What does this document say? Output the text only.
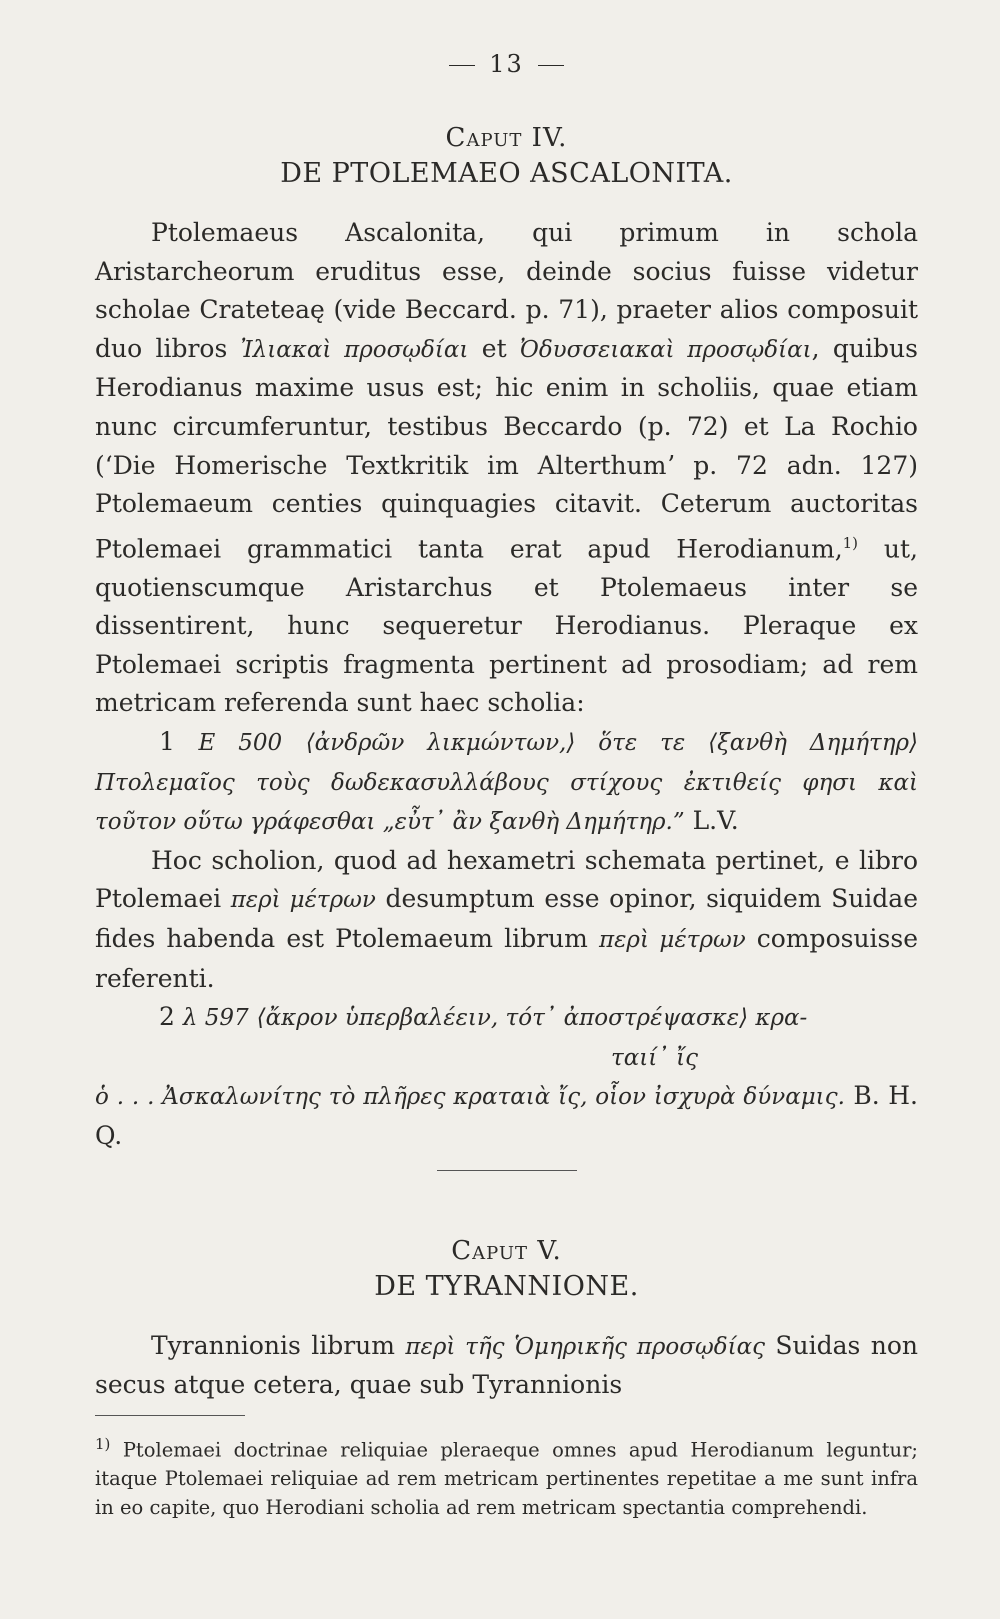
13

Caput IV.

DE PTOLEMAEO ASCALONITA.

Ptolemaeus Ascalonita, qui primum in schola Aristarcheorum eruditus esse, deinde socius fuisse videtur scholae Crateteaę (vide Beccard. p. 71), praeter alios composuit duo libros Ἰλιακαὶ προσῳδίαι et Ὀδυσσειακαὶ προσῳδίαι, quibus Herodianus maxime usus est; hic enim in scholiis, quae etiam nunc circumferuntur, testibus Beccardo (p. 72) et La Rochio (ʻDie Homerische Textkritik im Alterthumʼ p. 72 adn. 127) Ptolemaeum centies quinquagies citavit. Ceterum auctoritas Ptolemaei grammatici tanta erat apud Herodianum,$^{1)}$ ut, quotienscumque Aristarchus et Ptolemaeus inter se dissentirent, hunc sequeretur Herodianus. Pleraque ex Ptolemaei scriptis fragmenta pertinent ad prosodiam; ad rem metricam referenda sunt haec scholia:

1 E 500 ⟨ἀνδρῶν λικμώντων,⟩ ὅτε τε ⟨ξανθὴ Δημήτηρ⟩ Πτολεμαῖος τοὺς δωδεκασυλλάβους στίχους ἐκτιθείς φησι καὶ τοῦτον οὕτω γράφεσθαι „εὖτ᾿ ἂν ξανθὴ Δημήτηρ.” L.V.

Hoc scholion, quod ad hexametri schemata pertinet, e libro Ptolemaei περὶ μέτρων desumptum esse opinor, siquidem Suidae fides habenda est Ptolemaeum librum περὶ μέτρων composuisse referenti.

2 λ 597 ⟨ἄκρον ὑπερβαλέειν, τότ᾿ ἀποστρέψασκε⟩ κρα-

ταιί᾿ ἴς

ὁ . . . Ἀσκαλωνίτης τὸ πλῆρες κραταιὰ ἴς, οἷον ἰσχυρὰ δύναμις. B. H. Q.

Caput V.

DE TYRANNIONE.

Tyrannionis librum περὶ τῆς Ὁμηρικῆς προσῳδίας Suidas non secus atque cetera, quae sub Tyrannionis

$^{1)}$ Ptolemaei doctrinae reliquiae pleraeque omnes apud Herodianum leguntur; itaque Ptolemaei reliquiae ad rem metricam pertinentes repetitae a me sunt infra in eo capite, quo Herodiani scholia ad rem metricam spectantia comprehendi.
